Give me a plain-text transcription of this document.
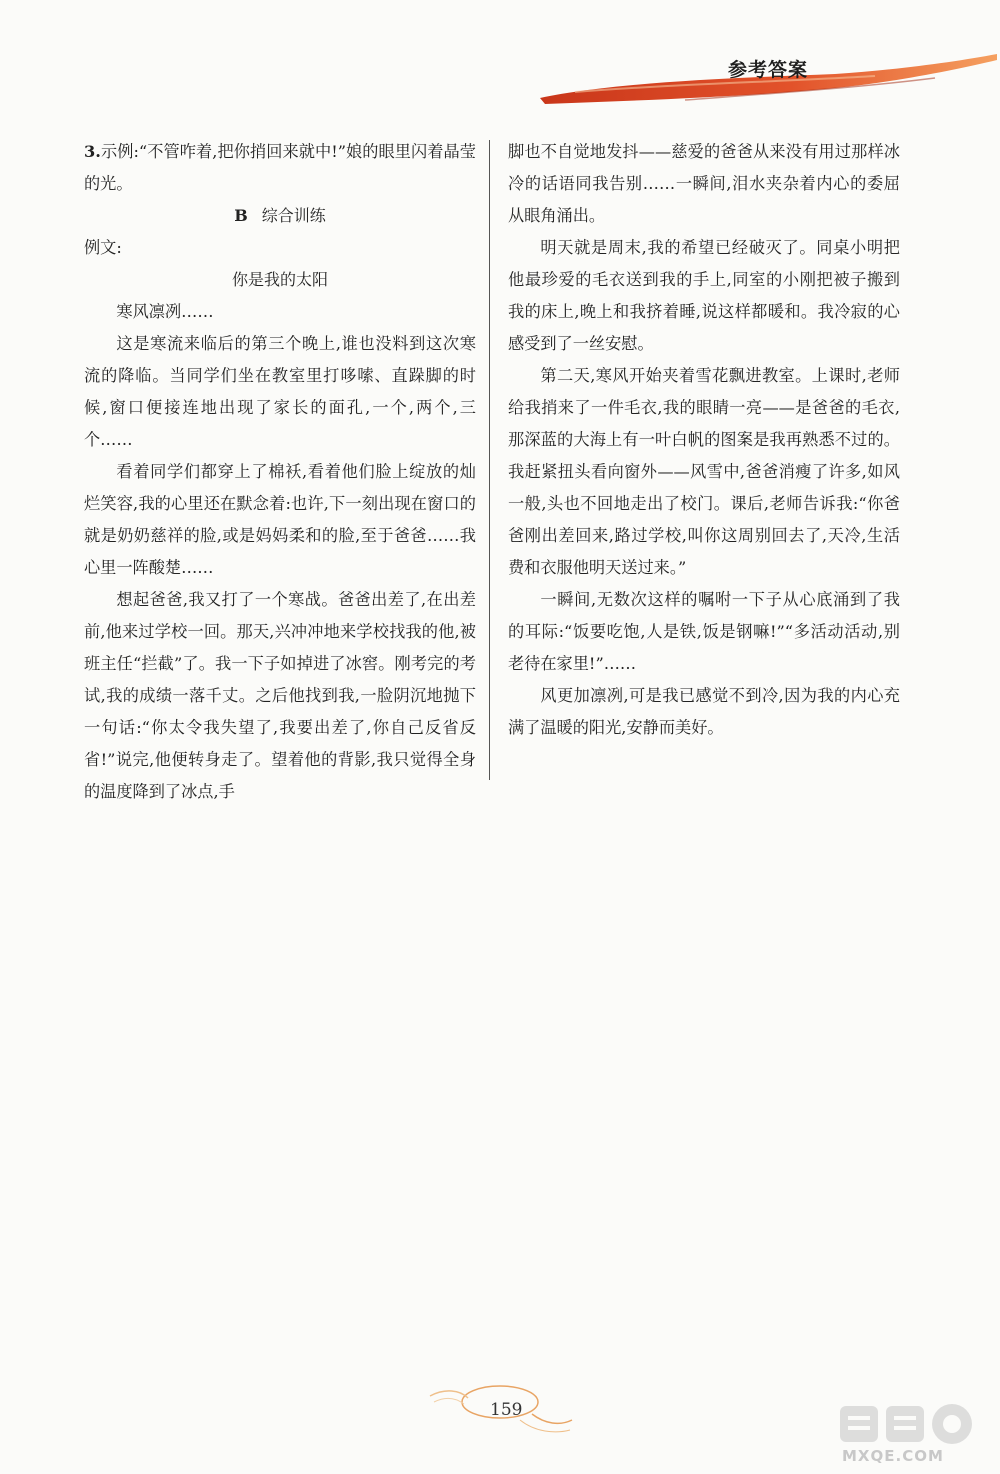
参考答案

3.示例:“不管咋着,把你捎回来就中!”娘的眼里闪着晶莹的光。

B 综合训练

例文:

你是我的太阳

寒风凛冽……

这是寒流来临后的第三个晚上,谁也没料到这次寒流的降临。当同学们坐在教室里打哆嗦、直跺脚的时候,窗口便接连地出现了家长的面孔,一个,两个,三个……

看着同学们都穿上了棉袄,看着他们脸上绽放的灿烂笑容,我的心里还在默念着:也许,下一刻出现在窗口的就是奶奶慈祥的脸,或是妈妈柔和的脸,至于爸爸……我心里一阵酸楚……

想起爸爸,我又打了一个寒战。爸爸出差了,在出差前,他来过学校一回。那天,兴冲冲地来学校找我的他,被班主任“拦截”了。我一下子如掉进了冰窖。刚考完的考试,我的成绩一落千丈。之后他找到我,一脸阴沉地抛下一句话:“你太令我失望了,我要出差了,你自己反省反省!”说完,他便转身走了。望着他的背影,我只觉得全身的温度降到了冰点,手

脚也不自觉地发抖——慈爱的爸爸从来没有用过那样冰冷的话语同我告别……一瞬间,泪水夹杂着内心的委屈从眼角涌出。

明天就是周末,我的希望已经破灭了。同桌小明把他最珍爱的毛衣送到我的手上,同室的小刚把被子搬到我的床上,晚上和我挤着睡,说这样都暖和。我冷寂的心感受到了一丝安慰。

第二天,寒风开始夹着雪花飘进教室。上课时,老师给我捎来了一件毛衣,我的眼睛一亮——是爸爸的毛衣,那深蓝的大海上有一叶白帆的图案是我再熟悉不过的。我赶紧扭头看向窗外——风雪中,爸爸消瘦了许多,如风一般,头也不回地走出了校门。课后,老师告诉我:“你爸爸刚出差回来,路过学校,叫你这周别回去了,天冷,生活费和衣服他明天送过来。”

一瞬间,无数次这样的嘱咐一下子从心底涌到了我的耳际:“饭要吃饱,人是铁,饭是钢嘛!”“多活动活动,别老待在家里!”……

风更加凛冽,可是我已感觉不到冷,因为我的内心充满了温暖的阳光,安静而美好。

159
MXQE.COM
